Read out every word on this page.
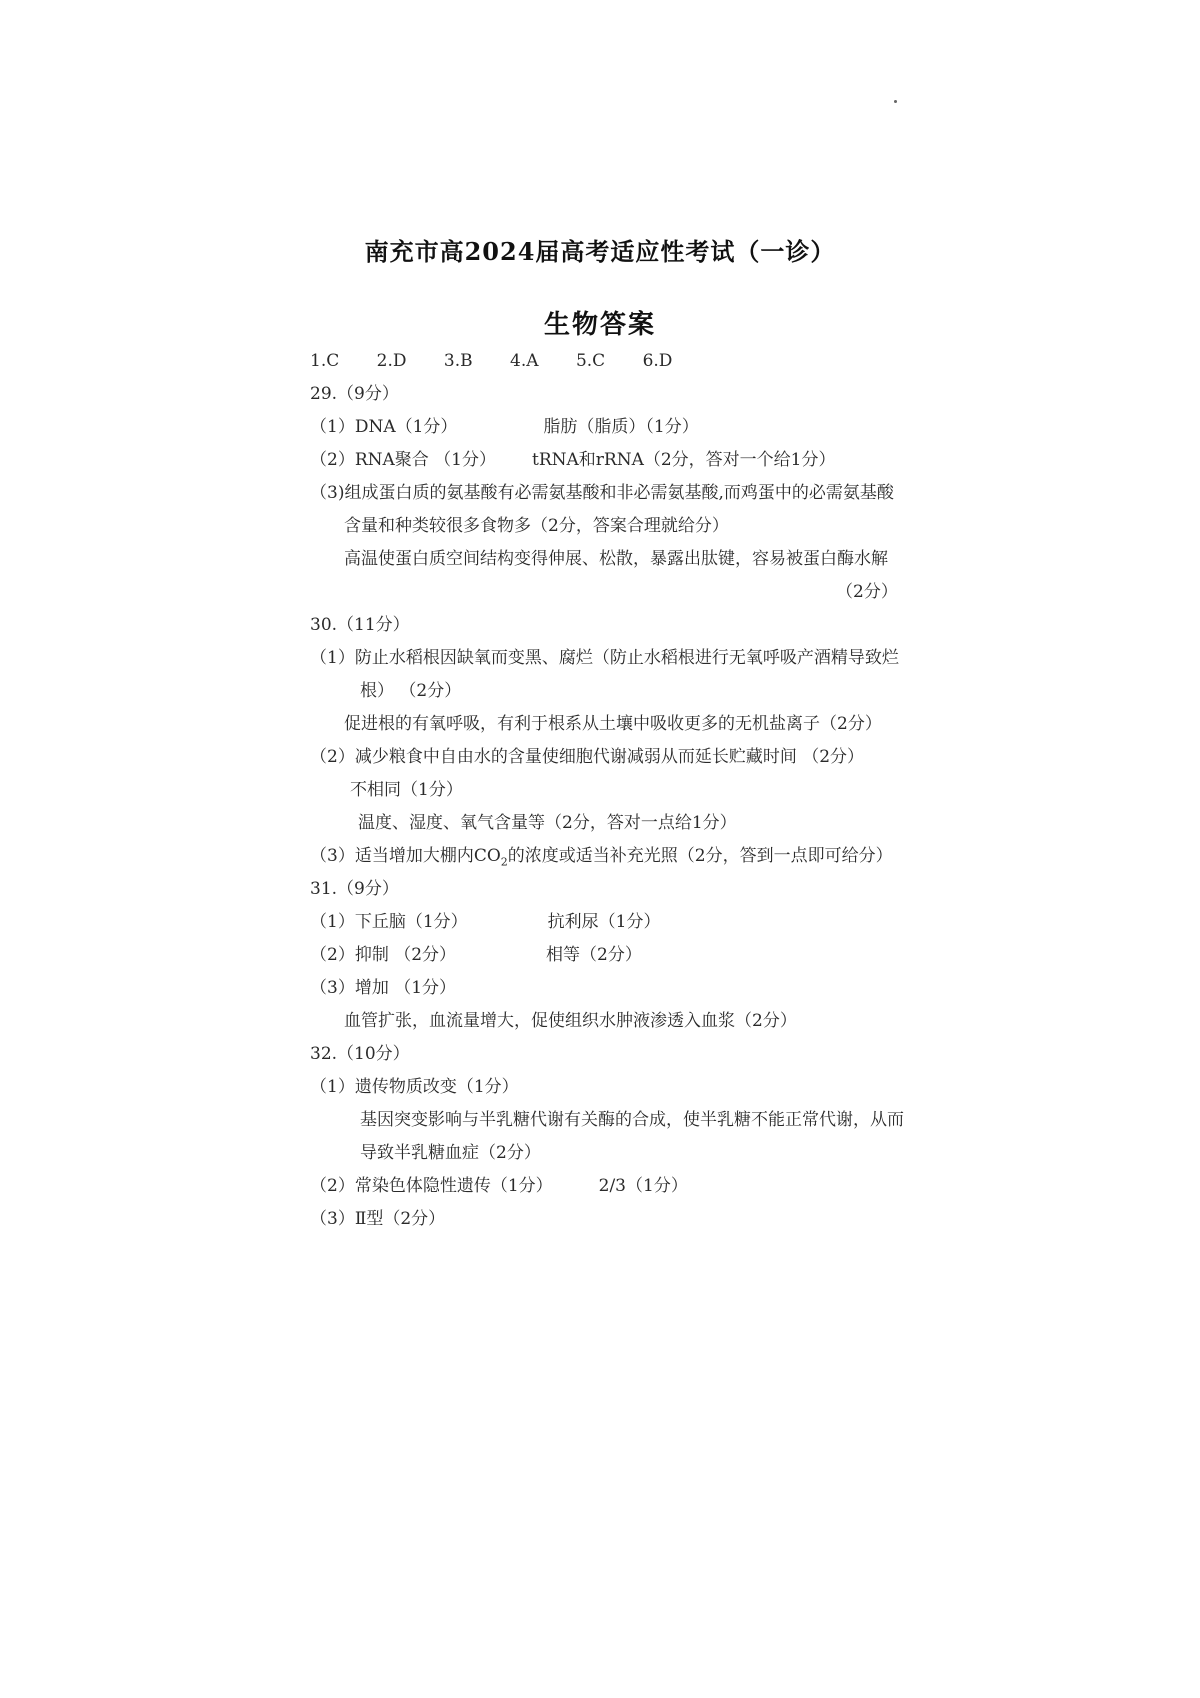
南充市高2024届高考适应性考试（一诊）
生物答案
1.C 2.D 3.B 4.A 5.C 6.D
29.（9分）
（1）DNA（1分）	脂肪（脂质）（1分）
（2）RNA聚合 （1分） tRNA和rRNA（2分，答对一个给1分）
（3)组成蛋白质的氨基酸有必需氨基酸和非必需氨基酸,而鸡蛋中的必需氨基酸
含量和种类较很多食物多（2分，答案合理就给分）
高温使蛋白质空间结构变得伸展、松散，暴露出肽键，容易被蛋白酶水解
（2分）
30.（11分）
（1）防止水稻根因缺氧而变黑、腐烂（防止水稻根进行无氧呼吸产酒精导致烂
根） （2分）
促进根的有氧呼吸，有利于根系从土壤中吸收更多的无机盐离子（2分）
（2）减少粮食中自由水的含量使细胞代谢减弱从而延长贮藏时间 （2分）
不相同（1分）
温度、湿度、氧气含量等（2分，答对一点给1分）
（3）适当增加大棚内$CO_2$的浓度或适当补充光照（2分，答到一点即可给分）
31.（9分）
（1）下丘脑（1分）	抗利尿（1分）
（2）抑制 （2分）	相等（2分）
（3）增加 （1分）
血管扩张，血流量增大，促使组织水肿液渗透入血浆（2分）
32.（10分）
（1）遗传物质改变（1分）
基因突变影响与半乳糖代谢有关酶的合成，使半乳糖不能正常代谢，从而
导致半乳糖血症（2分）
（2）常染色体隐性遗传（1分）	2/3（1分）
（3）Ⅱ型（2分）
